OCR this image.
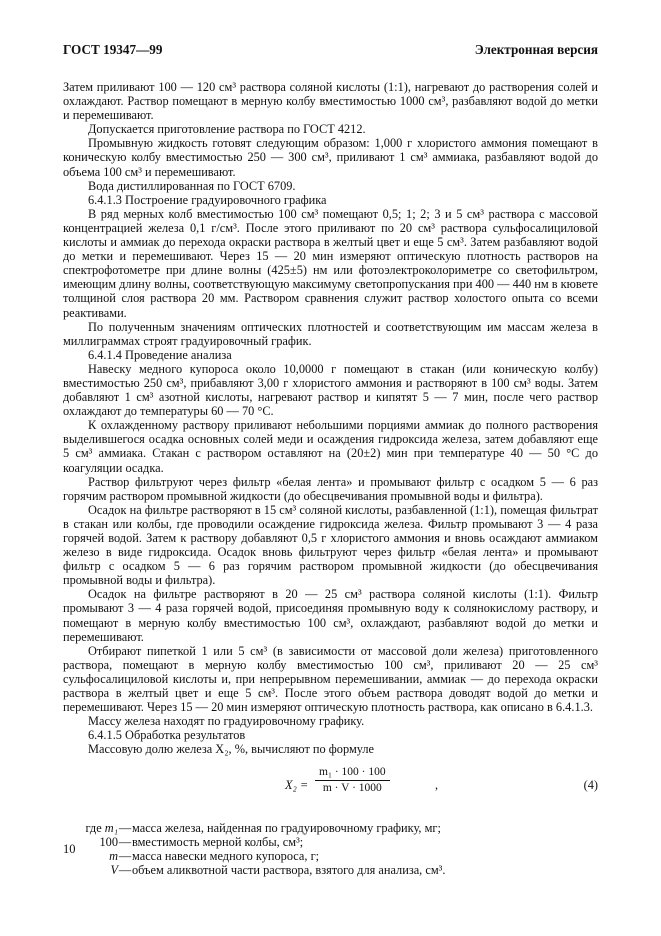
ГОСТ 19347—99	Электронная версия

Затем приливают 100 — 120 см³ раствора соляной кислоты (1:1), нагревают до растворения солей и охлаждают. Раствор помещают в мерную колбу вместимостью 1000 см³, разбавляют водой до метки и перемешивают.

Допускается приготовление раствора по ГОСТ 4212.

Промывную жидкость готовят следующим образом: 1,000 г хлористого аммония помещают в коническую колбу вместимостью 250 — 300 см³, приливают 1 см³ аммиака, разбавляют водой до объема 100 см³ и перемешивают.

Вода дистиллированная по ГОСТ 6709.

6.4.1.3 Построение градуировочного графика

В ряд мерных колб вместимостью 100 см³ помещают 0,5; 1; 2; 3 и 5 см³ раствора с массовой концентрацией железа 0,1 г/см³. После этого приливают по 20 см³ раствора сульфосалициловой кислоты и аммиак до перехода окраски раствора в желтый цвет и еще 5 см³. Затем разбавляют водой до метки и перемешивают. Через 15 — 20 мин измеряют оптическую плотность растворов на спектрофотометре при длине волны (425±5) нм или фотоэлектроколориметре со светофильтром, имеющим длину волны, соответствующую максимуму светопропускания при 400 — 440 нм в кювете толщиной слоя раствора 20 мм. Раствором сравнения служит раствор холостого опыта со всеми реактивами.

По полученным значениям оптических плотностей и соответствующим им массам железа в миллиграммах строят градуировочный график.

6.4.1.4 Проведение анализа

Навеску медного купороса около 10,0000 г помещают в стакан (или коническую колбу) вместимостью 250 см³, прибавляют 3,00 г хлористого аммония и растворяют в 100 см³ воды. Затем добавляют 1 см³ азотной кислоты, нагревают раствор и кипятят 5 — 7 мин, после чего раствор охлаждают до температуры 60 — 70 °С.

К охлажденному раствору приливают небольшими порциями аммиак до полного растворения выделившегося осадка основных солей меди и осаждения гидроксида железа, затем добавляют еще 5 см³ аммиака. Стакан с раствором оставляют на (20±2) мин при температуре 40 — 50 °С до коагуляции осадка.

Раствор фильтруют через фильтр «белая лента» и промывают фильтр с осадком 5 — 6 раз горячим раствором промывной жидкости (до обесцвечивания промывной воды и фильтра).

Осадок на фильтре растворяют в 15 см³ соляной кислоты, разбавленной (1:1), помещая фильтрат в стакан или колбы, где проводили осаждение гидроксида железа. Фильтр промывают 3 — 4 раза горячей водой. Затем к раствору добавляют 0,5 г хлористого аммония и вновь осаждают аммиаком железо в виде гидроксида. Осадок вновь фильтруют через фильтр «белая лента» и промывают фильтр с осадком 5 — 6 раз горячим раствором промывной жидкости (до обесцвечивания промывной воды и фильтра).

Осадок на фильтре растворяют в 20 — 25 см³ раствора соляной кислоты (1:1). Фильтр промывают 3 — 4 раза горячей водой, присоединяя промывную воду к солянокислому раствору, и помещают в мерную колбу вместимостью 100 см³, охлаждают, разбавляют водой до метки и перемешивают.

Отбирают пипеткой 1 или 5 см³ (в зависимости от массовой доли железа) приготовленного раствора, помещают в мерную колбу вместимостью 100 см³, приливают 20 — 25 см³ сульфосалициловой кислоты и, при непрерывном перемешивании, аммиак — до перехода окраски раствора в желтый цвет и еще 5 см³. После этого объем раствора доводят водой до метки и перемешивают. Через 15 — 20 мин измеряют оптическую плотность раствора, как описано в 6.4.1.3.

Массу железа находят по градуировочному графику.

6.4.1.5 Обработка результатов

Массовую долю железа X₂, %, вычисляют по формуле

$X_2 = \frac{\text{m₁ · 100 · 100}}{m \cdot V \cdot 1000}$	,	(4)
где m₁ — масса железа, найденная по градуировочному графику, мг;
100 — вместимость мерной колбы, см³;
m — масса навески медного купороса, г;
V — объем аликвотной части раствора, взятого для анализа, см³.
10
